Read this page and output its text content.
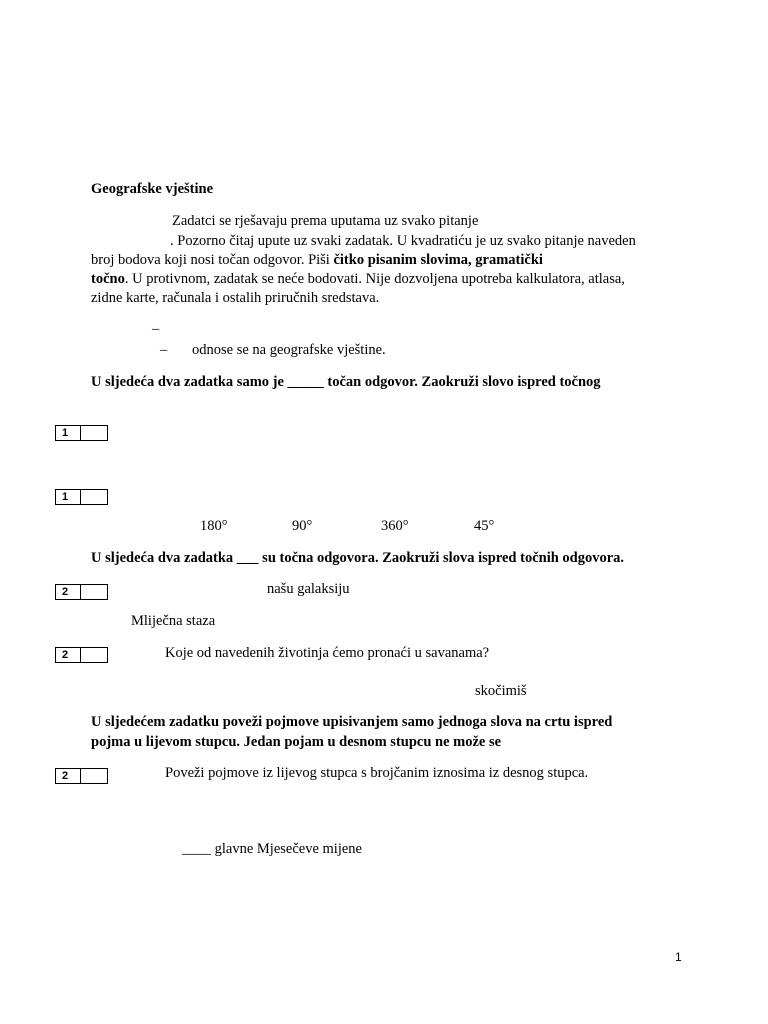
Geografske vještine
Zadatci se rješavaju prema uputama uz svako pitanje
. Pozorno čitaj upute uz svaki zadatak. U kvadratiću je uz svako pitanje naveden
broj bodova koji nosi točan odgovor. Piši čitko pisanim slovima, gramatički
točno. U protivnom, zadatak se neće bodovati. Nije dozvoljena upotreba kalkulatora, atlasa,
zidne karte, računala i ostalih priručnih sredstava.
–
– odnose se na geografske vještine.
U sljedeća dva zadatka samo je _____ točan odgovor. Zaokruži slovo ispred točnog
1
1
180°	90°	360°	45°
U sljedeća dva zadatka ___ su točna odgovora. Zaokruži slova ispred točnih odgovora.
2	našu galaksiju
Mliječna staza
2	Koje od navedenih životinja ćemo pronaći u savanama?
skočimiš
U sljedećem zadatku poveži pojmove upisivanjem samo jednoga slova na crtu ispred
pojma u lijevom stupcu. Jedan pojam u desnom stupcu ne može se
2	Poveži pojmove iz lijevog stupca s brojčanim iznosima iz desnog stupca.
____ glavne Mjesečeve mijene
1
